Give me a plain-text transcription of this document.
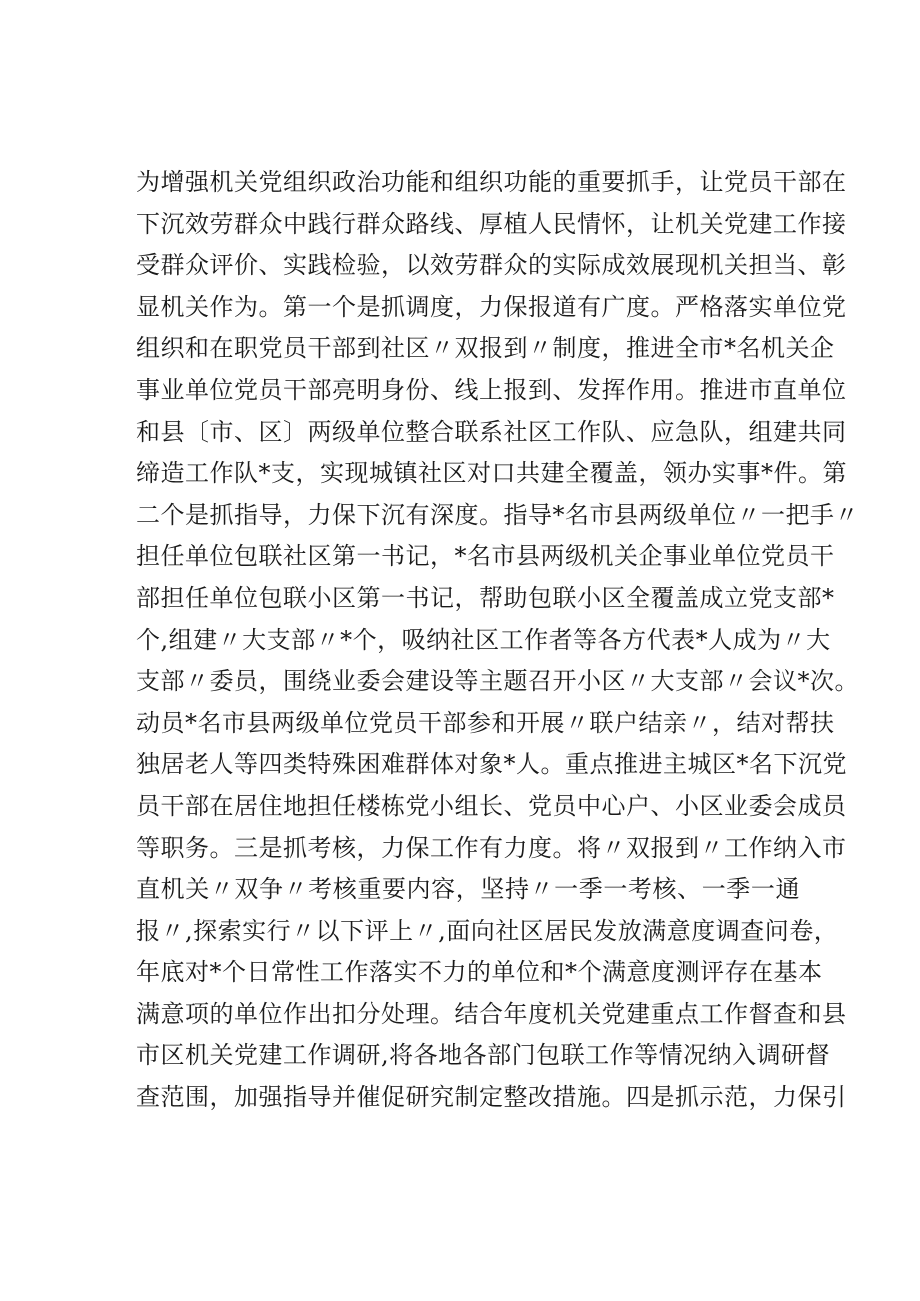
为增强机关党组织政治功能和组织功能的重要抓手，让党员干部在
下沉效劳群众中践行群众路线、厚植人民情怀，让机关党建工作接
受群众评价、实践检验，以效劳群众的实际成效展现机关担当、彰
显机关作为。第一个是抓调度，力保报道有广度。严格落实单位党
组织和在职党员干部到社区〃双报到〃制度，推进全市*名机关企
事业单位党员干部亮明身份、线上报到、发挥作用。推进市直单位
和县〔市、区〕两级单位整合联系社区工作队、应急队，组建共同
缔造工作队*支，实现城镇社区对口共建全覆盖，领办实事*件。第
二个是抓指导，力保下沉有深度。指导*名市县两级单位〃一把手〃
担任单位包联社区第一书记，*名市县两级机关企事业单位党员干
部担任单位包联小区第一书记，帮助包联小区全覆盖成立党支部*
个,组建〃大支部〃*个，吸纳社区工作者等各方代表*人成为〃大
支部〃委员，围绕业委会建设等主题召开小区〃大支部〃会议*次。
动员*名市县两级单位党员干部参和开展〃联户结亲〃，结对帮扶
独居老人等四类特殊困难群体对象*人。重点推进主城区*名下沉党
员干部在居住地担任楼栋党小组长、党员中心户、小区业委会成员
等职务。三是抓考核，力保工作有力度。将〃双报到〃工作纳入市
直机关〃双争〃考核重要内容，坚持〃一季一考核、一季一通
报〃,探索实行〃以下评上〃,面向社区居民发放满意度调查问卷，
年底对*个日常性工作落实不力的单位和*个满意度测评存在基本
满意项的单位作出扣分处理。结合年度机关党建重点工作督查和县
市区机关党建工作调研,将各地各部门包联工作等情况纳入调研督
查范围，加强指导并催促研究制定整改措施。四是抓示范，力保引
